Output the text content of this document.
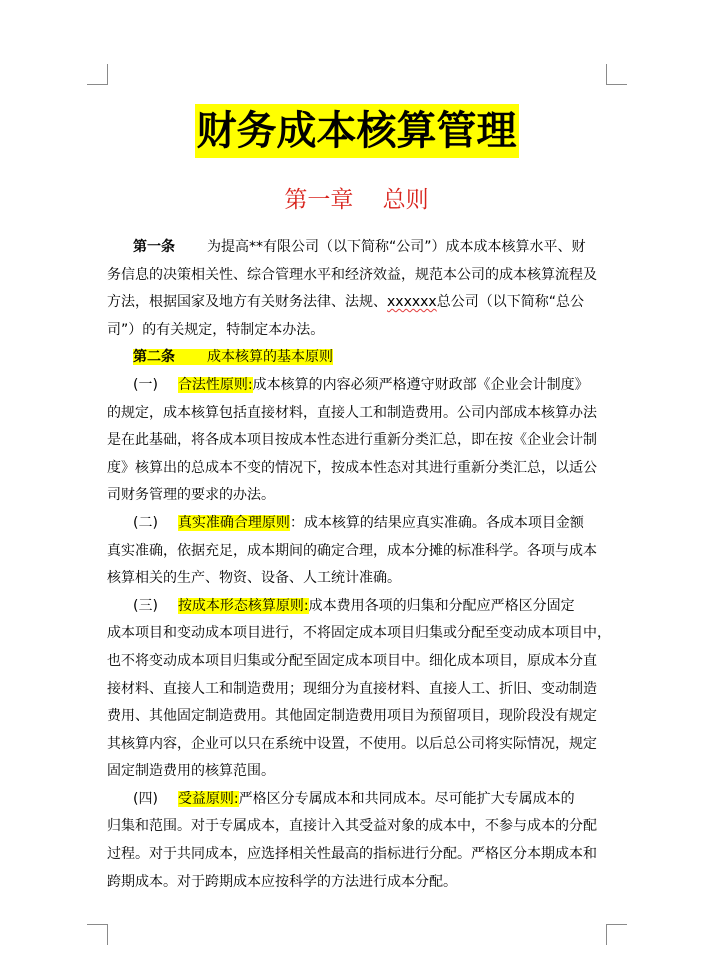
财务成本核算管理
第一章    总则
第一条 为提高**有限公司（以下简称“公司”）成本成本核算水平、财
务信息的决策相关性、综合管理水平和经济效益，规范本公司的成本核算流程及
方法，根据国家及地方有关财务法律、法规、xxxxxx总公司（以下简称“总公
司”）的有关规定，特制定本办法。
第二条 成本核算的基本原则
(一) 合法性原则:成本核算的内容必须严格遵守财政部《企业会计制度》
的规定，成本核算包括直接材料，直接人工和制造费用。公司内部成本核算办法
是在此基础，将各成本项目按成本性态进行重新分类汇总，即在按《企业会计制
度》核算出的总成本不变的情况下，按成本性态对其进行重新分类汇总，以适公
司财务管理的要求的办法。
(二) 真实准确合理原则：成本核算的结果应真实准确。各成本项目金额
真实准确，依据充足，成本期间的确定合理，成本分摊的标准科学。各项与成本
核算相关的生产、物资、设备、人工统计准确。
(三) 按成本形态核算原则:成本费用各项的归集和分配应严格区分固定
成本项目和变动成本项目进行，不将固定成本项目归集或分配至变动成本项目中，
也不将变动成本项目归集或分配至固定成本项目中。细化成本项目，原成本分直
接材料、直接人工和制造费用；现细分为直接材料、直接人工、折旧、变动制造
费用、其他固定制造费用。其他固定制造费用项目为预留项目，现阶段没有规定
其核算内容，企业可以只在系统中设置，不使用。以后总公司将实际情况，规定
固定制造费用的核算范围。
(四) 受益原则:严格区分专属成本和共同成本。尽可能扩大专属成本的
归集和范围。对于专属成本，直接计入其受益对象的成本中，不参与成本的分配
过程。对于共同成本，应选择相关性最高的指标进行分配。严格区分本期成本和
跨期成本。对于跨期成本应按科学的方法进行成本分配。
